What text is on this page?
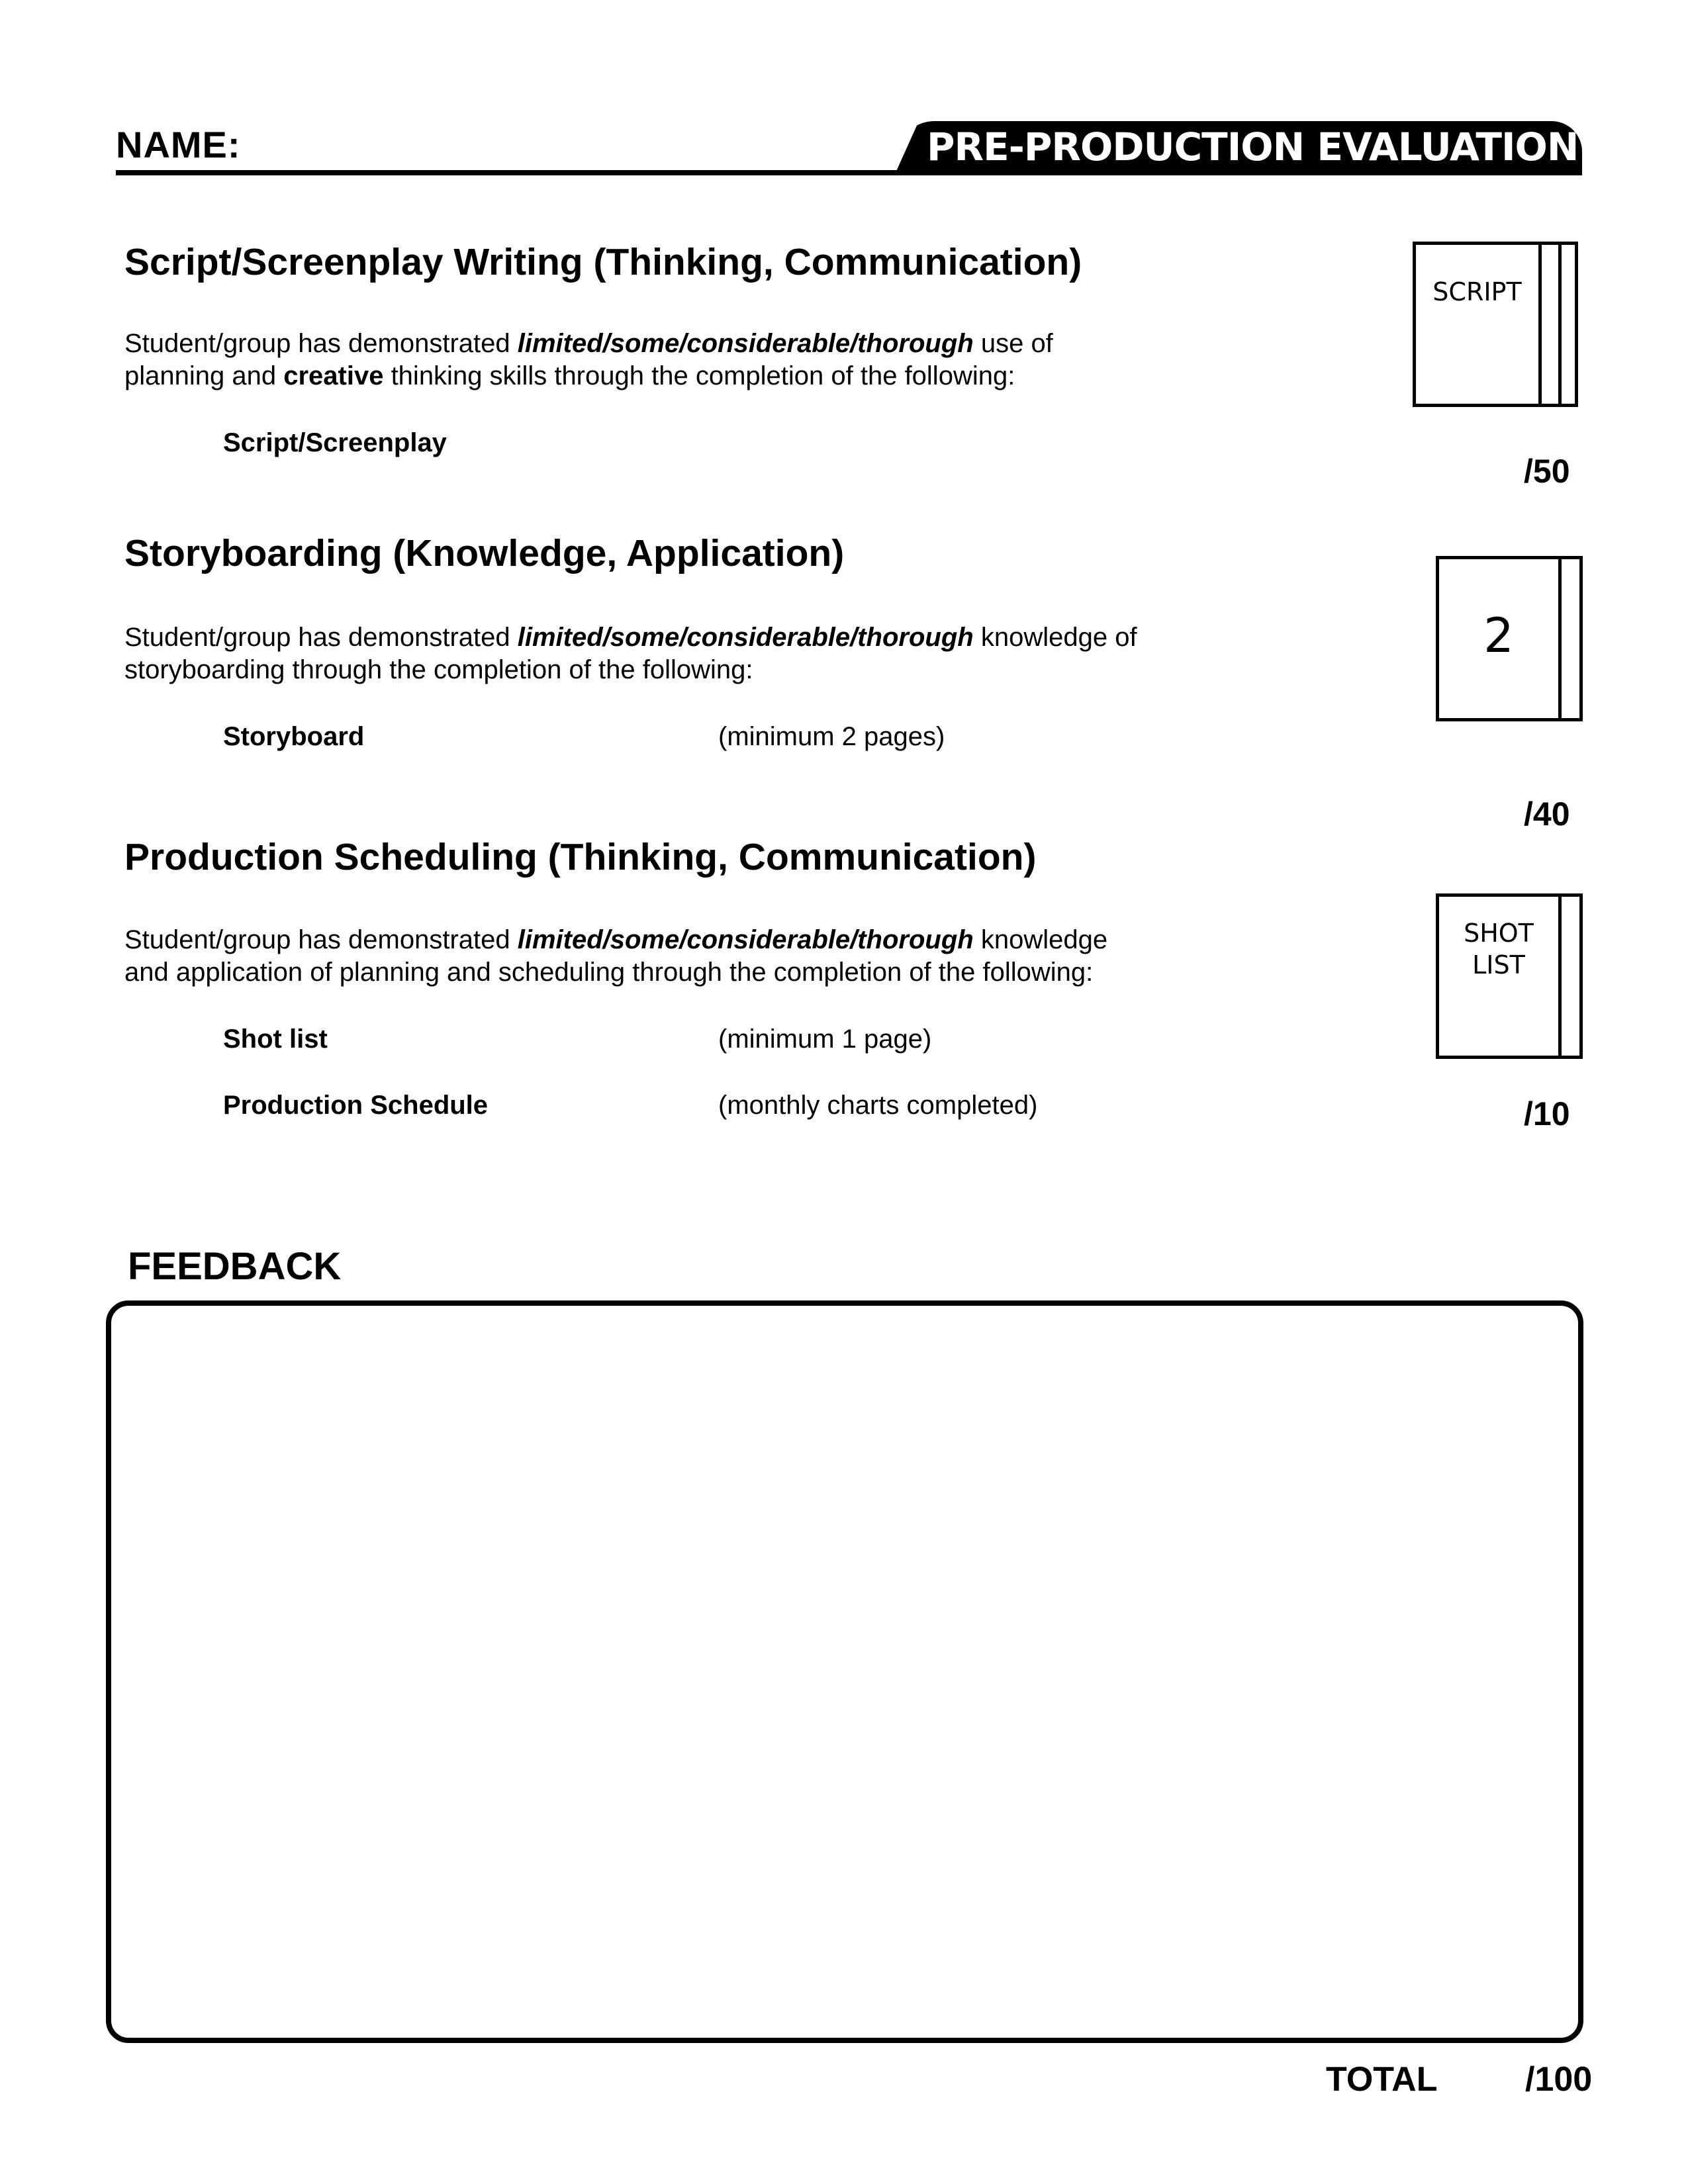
NAME:	PRE-PRODUCTION EVALUATION
Script/Screenplay Writing (Thinking, Communication)
Student/group has demonstrated limited/some/considerable/thorough use of
planning and creative thinking skills through the completion of the following:
Script/Screenplay
/50
SCRIPT
Storyboarding (Knowledge, Application)
Student/group has demonstrated limited/some/considerable/thorough knowledge of
storyboarding through the completion of the following:
Storyboard	(minimum 2 pages)
/40
2
Production Scheduling (Thinking, Communication)
Student/group has demonstrated limited/some/considerable/thorough knowledge
and application of planning and scheduling through the completion of the following:
Shot list	(minimum 1 page)
Production Schedule	(monthly charts completed)	/10
SHOT
LIST
FEEDBACK
TOTAL	/100
